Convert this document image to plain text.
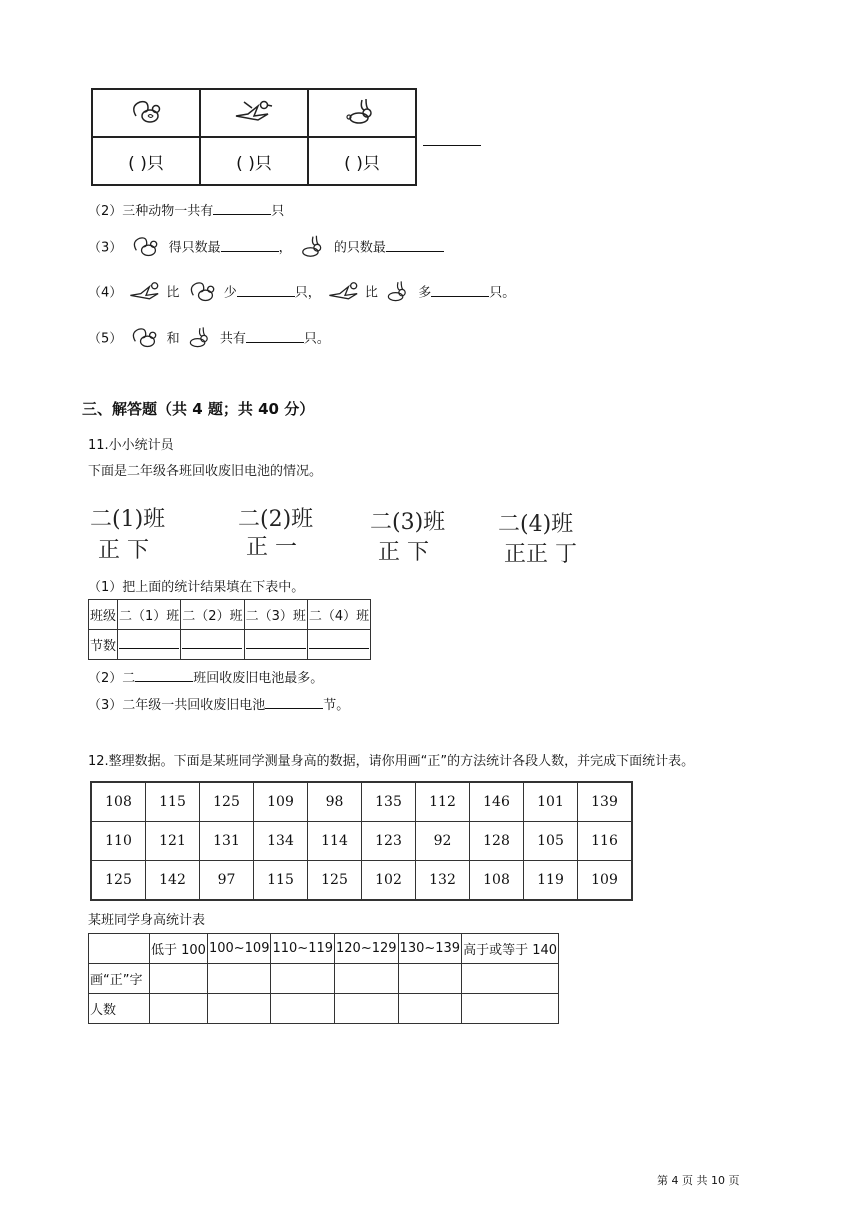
( )只	( )只	( )只
（2）三种动物一共有	只
（3）	得只数最	，	的只数最
（4）	比	少	只，	比	多	只。
（5）	和	共有	只。
三、解答题（共 4 题；共 40 分）
11.小小统计员
下面是二年级各班回收废旧电池的情况。
二(1)班
正 下
二(2)班
正 一
二(3)班
正 下
二(4)班
正正 丁
（1）把上面的统计结果填在下表中。
班级	二（1）班	二（2）班	二（3）班	二（4）班
节数				
（2）二	班回收废旧电池最多。
（3）二年级一共回收废旧电池	节。
12.整理数据。下面是某班同学测量身高的数据，请你用画“正”的方法统计各段人数，并完成下面统计表。
108	115	125	109	98	135	112	146	101	139
110	121	131	134	114	123	92	128	105	116
125	142	97	115	125	102	132	108	119	109
某班同学身高统计表
	低于 100	100~109	110~119	120~129	130~139	高于或等于 140
画“正”字						
人数						
第 4 页 共 10 页
